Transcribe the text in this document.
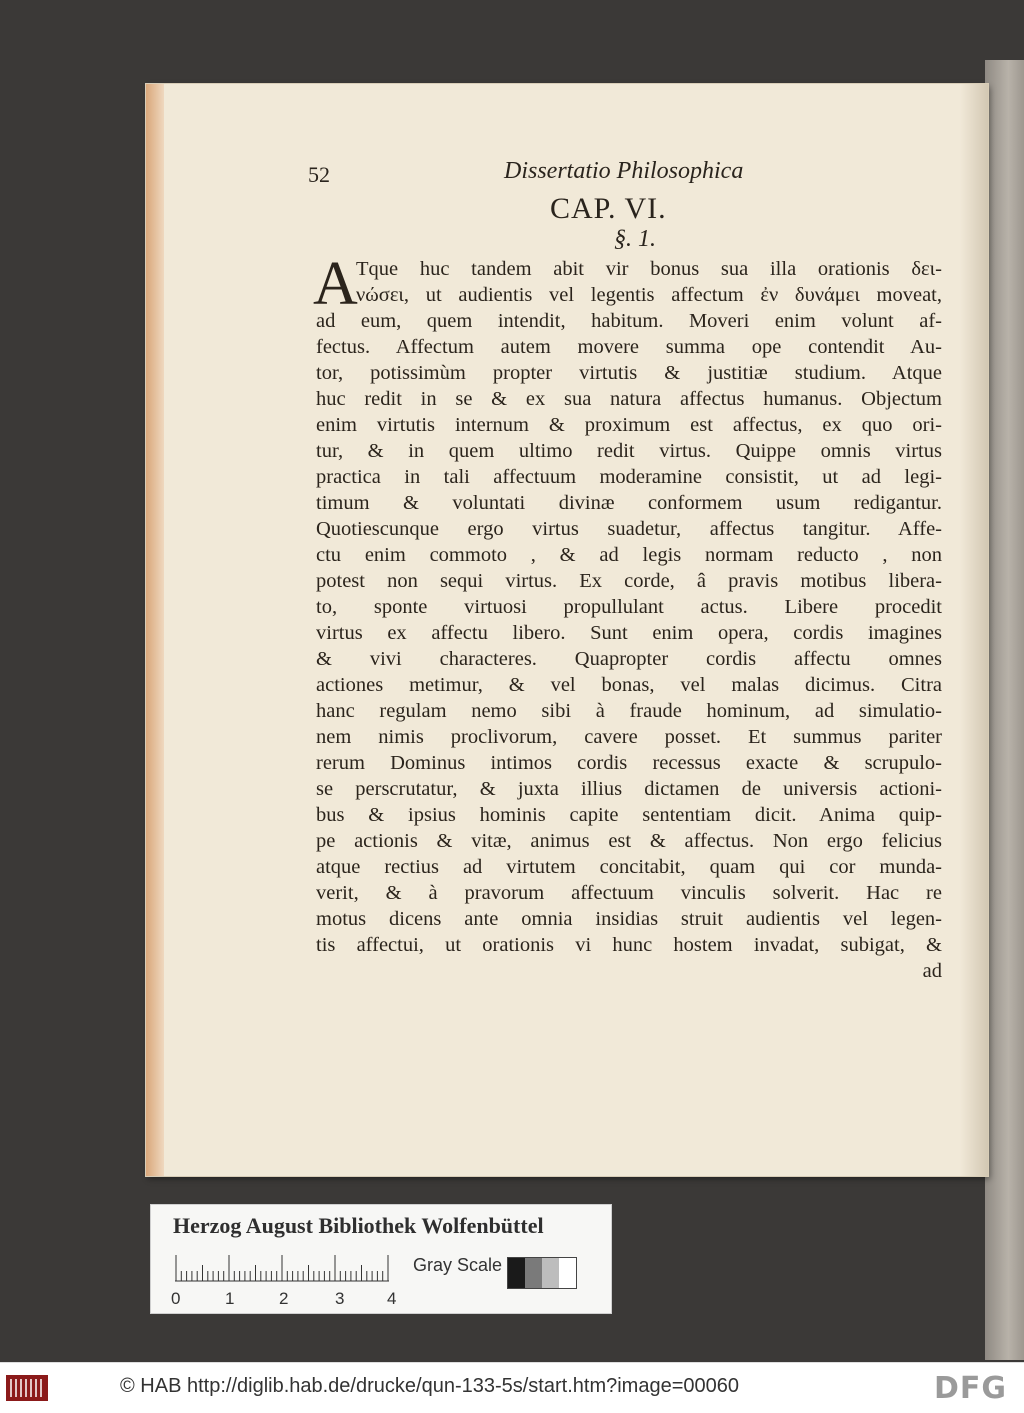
52	Dissertatio Philosophica
CAP. VI.
§. 1.
A
Tque huc tandem abit vir bonus sua illa orationis δει-
νώσει, ut audientis vel legentis affectum ἐν δυνάμει moveat,
ad eum, quem intendit, habitum. Moveri enim volunt af-
fectus. Affectum autem movere summa ope contendit Au-
tor, potissimùm propter virtutis & justitiæ studium. Atque
huc redit in se & ex sua natura affectus humanus. Objectum
enim virtutis internum & proximum est affectus, ex quo ori-
tur, & in quem ultimo redit virtus. Quippe omnis virtus
practica in tali affectuum moderamine consistit, ut ad legi-
timum & voluntati divinæ conformem usum redigantur.
Quotiescunque ergo virtus suadetur, affectus tangitur. Affe-
ctu enim commoto , & ad legis normam reducto , non
potest non sequi virtus. Ex corde, â pravis motibus libera-
to, sponte virtuosi propullulant actus. Libere procedit
virtus ex affectu libero. Sunt enim opera, cordis imagines
& vivi characteres. Quapropter cordis affectu omnes
actiones metimur, & vel bonas, vel malas dicimus. Citra
hanc regulam nemo sibi à fraude hominum, ad simulatio-
nem nimis proclivorum, cavere posset. Et summus pariter
rerum Dominus intimos cordis recessus exacte & scrupulo-
se perscrutatur, & juxta illius dictamen de universis actioni-
bus & ipsius hominis capite sententiam dicit. Anima quip-
pe actionis & vitæ, animus est & affectus. Non ergo felicius
atque rectius ad virtutem concitabit, quam qui cor munda-
verit, & à pravorum affectuum vinculis solverit. Hac re
motus dicens ante omnia insidias struit audientis vel legen-
tis affectui, ut orationis vi hunc hostem invadat, subigat, &
ad
Herzog August Bibliothek Wolfenbüttel
Gray Scale
0	1	2	3	4
© HAB http://diglib.hab.de/drucke/qun-133-5s/start.htm?image=00060	DFG
